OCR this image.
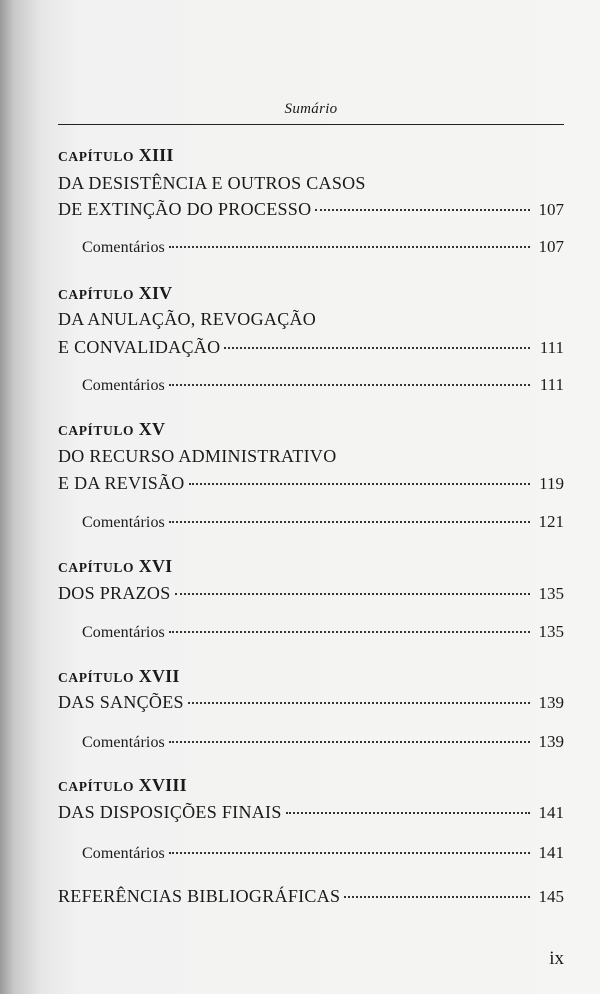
Sumário
CAPÍTULO XIII
DA DESISTÊNCIA E OUTROS CASOS
DE EXTINÇÃO DO PROCESSO	107
Comentários	107
CAPÍTULO XIV
DA ANULAÇÃO, REVOGAÇÃO
E CONVALIDAÇÃO	111
Comentários	111
CAPÍTULO XV
DO RECURSO ADMINISTRATIVO
E DA REVISÃO	119
Comentários	121
CAPÍTULO XVI
DOS PRAZOS	135
Comentários	135
CAPÍTULO XVII
DAS SANÇÕES	139
Comentários	139
CAPÍTULO XVIII
DAS DISPOSIÇÕES FINAIS	141
Comentários	141
REFERÊNCIAS BIBLIOGRÁFICAS	145
ix
